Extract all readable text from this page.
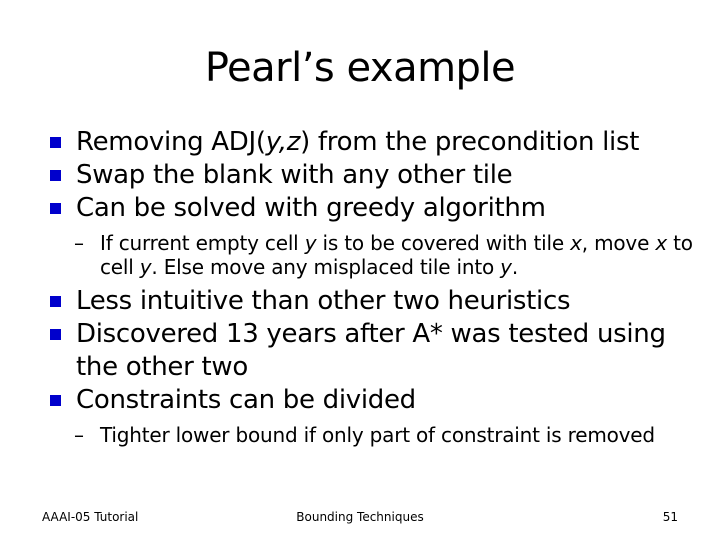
Pearl’s example
Removing ADJ(y,z) from the precondition list
Swap the blank with any other tile
Can be solved with greedy algorithm
– If current empty cell y is to be covered with tile x, move x to cell y. Else move any misplaced tile into y.
Less intuitive than other two heuristics
Discovered 13 years after A* was tested using the other two
Constraints can be divided
– Tighter lower bound if only part of constraint is removed
AAAI-05 Tutorial	Bounding Techniques	51
